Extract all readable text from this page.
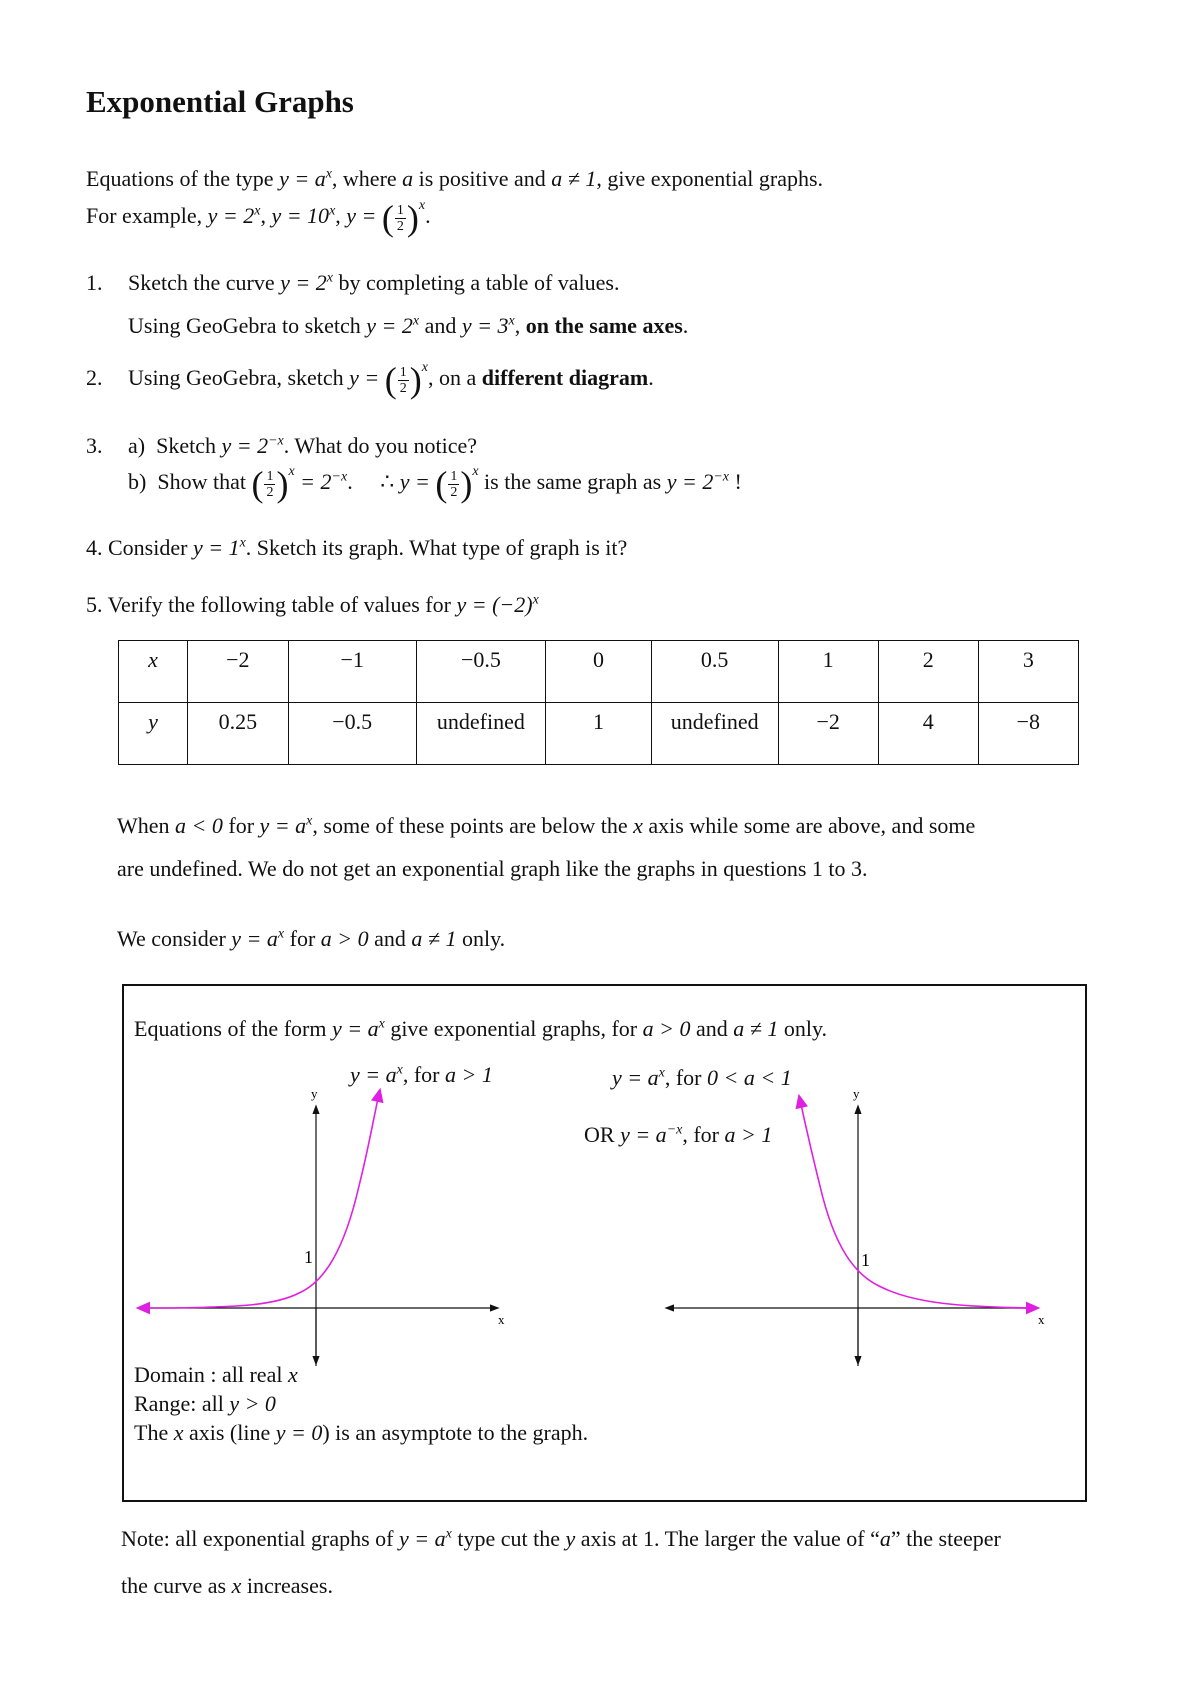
Exponential Graphs
Equations of the type $y = a^x$, where a is positive and a ≠ 1, give exponential graphs.
For example, $y = 2^x$, $y = 10^x$, y = ( 1
2 )$^x$ .
1. Sketch the curve $y = 2^x$ by completing a table of values.
Using GeoGebra to sketch $y = 2^x$ and $y = 3^x$, on the same axes.
2. Using GeoGebra, sketch y = ( 1
2 )$^x$ , on a different diagram.
3. a) Sketch $y = 2^{-x}$. What do you notice?
b) Show that ( 1
2 )$^x = 2^{-x}$.     ∴ y = ( 1
2 )$^x$ is the same graph as $y = 2^{-x}$ !
4. Consider $y = 1^x$. Sketch its graph. What type of graph is it?
5. Verify the following table of values for $y = (-2)^x$
x	−2	−1	−0.5	0	0.5	1	2	3
y	0.25	−0.5	undefined	1	undefined	−2	4	−8
When a < 0 for $y = a^x$, some of these points are below the x axis while some are above, and some
are undefined. We do not get an exponential graph like the graphs in questions 1 to 3.
We consider $y = a^x$ for a > 0 and a ≠ 1 only.
Equations of the form $y = a^x$ give exponential graphs, for a > 0 and a ≠ 1 only.
$y = a^x$, for a > 1	$y = a^x$, for 0 < a < 1
OR $y = a^{-x}$, for a > 1
y
x
1
y
x
1
Domain : all real x
Range: all y > 0
The x axis (line y = 0) is an asymptote to the graph.
Note: all exponential graphs of $y = a^x$ type cut the y axis at 1. The larger the value of “a” the steeper
the curve as x increases.
